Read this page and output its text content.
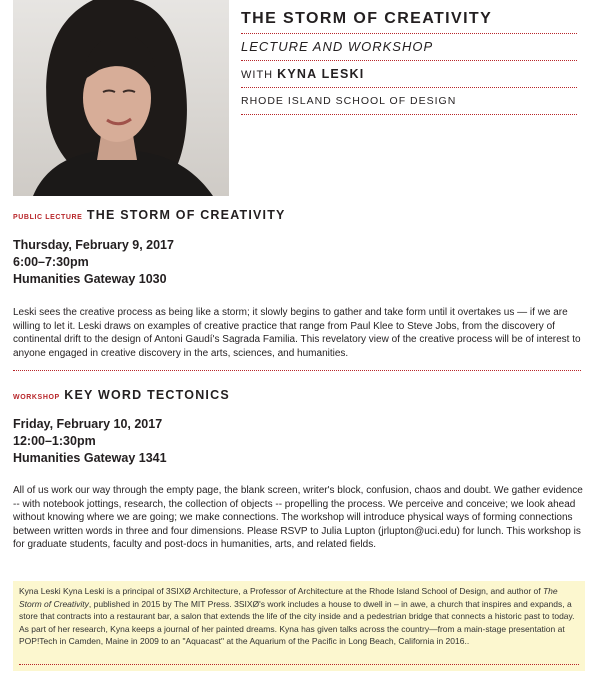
THE STORM OF CREATIVITY
LECTURE AND WORKSHOP
WITH KYNA LESKI
RHODE ISLAND SCHOOL OF DESIGN
PUBLIC LECTURE THE STORM OF CREATIVITY
Thursday, February 9, 2017
6:00–7:30pm
Humanities Gateway 1030
Leski sees the creative process as being like a storm; it slowly begins to gather and take form until it overtakes us — if we are willing to let it. Leski draws on examples of creative practice that range from Paul Klee to Steve Jobs, from the discovery of continental drift to the design of Antoni Gaudí's Sagrada Familia. This revelatory view of the creative process will be of interest to anyone engaged in creative discovery in the arts, sciences, and humanities.
WORKSHOP KEY WORD TECTONICS
Friday, February 10, 2017
12:00–1:30pm
Humanities Gateway 1341
All of us work our way through the empty page, the blank screen, writer's block, confusion, chaos and doubt. We gather evidence -- with notebook jottings, research, the collection of objects -- propelling the process. We perceive and conceive; we look ahead without knowing where we are going; we make connections. The workshop will introduce physical ways of forming connections between written words in three and four dimensions. Please RSVP to Julia Lupton (jrlupton@uci.edu) for lunch. This workshop is for graduate students, faculty and post-docs in humanities, arts, and related fields.
Kyna Leski Kyna Leski is a principal of 3SIXØ Architecture, a Professor of Architecture at the Rhode Island School of Design, and author of The Storm of Creativity, published in 2015 by The MIT Press. 3SIXØ's work includes a house to dwell in – in awe, a church that inspires and expands, a store that contracts into a restaurant bar, a salon that extends the life of the city inside and a pedestrian bridge that connects a historic past to today. As part of her research, Kyna keeps a journal of her painted dreams. Kyna has given talks across the country—from a main-stage presentation at POP!Tech in Camden, Maine in 2009 to an "Aquacast" at the Aquarium of the Pacific in Long Beach, California in 2016..
